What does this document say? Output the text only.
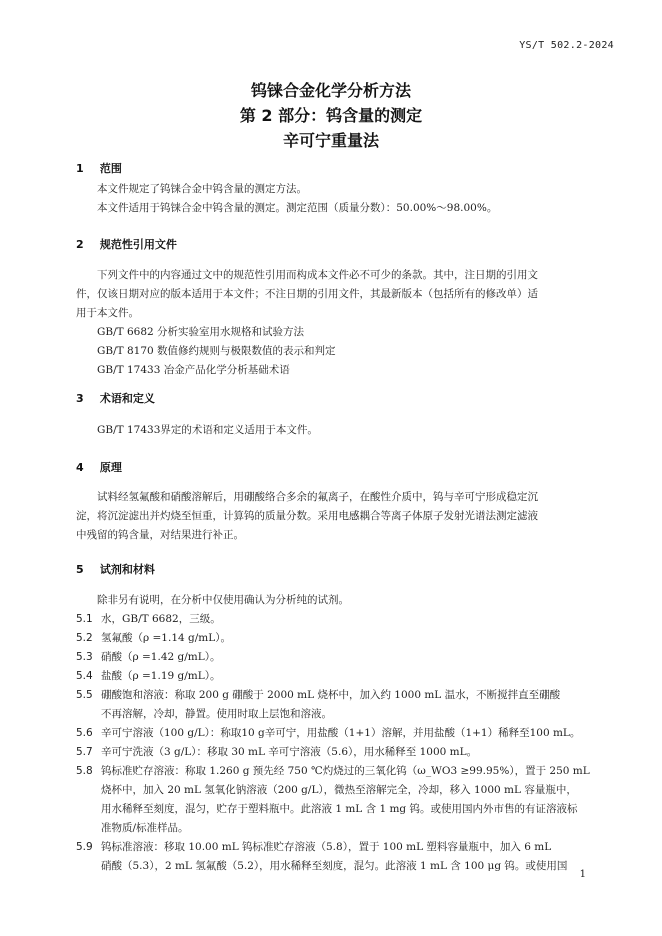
YS/T 502.2-2024
钨铼合金化学分析方法
第 2 部分：钨含量的测定
辛可宁重量法
1 范围
本文件规定了钨铼合金中钨含量的测定方法。
本文件适用于钨铼合金中钨含量的测定。测定范围（质量分数）：50.00%～98.00%。
2 规范性引用文件
下列文件中的内容通过文中的规范性引用而构成本文件必不可少的条款。其中，注日期的引用文
件，仅该日期对应的版本适用于本文件；不注日期的引用文件，其最新版本（包括所有的修改单）适
用于本文件。
GB/T 6682 分析实验室用水规格和试验方法
GB/T 8170 数值修约规则与极限数值的表示和判定
GB/T 17433 冶金产品化学分析基础术语
3 术语和定义
GB/T 17433界定的术语和定义适用于本文件。
4 原理
试料经氢氟酸和硝酸溶解后，用硼酸络合多余的氟离子，在酸性介质中，钨与辛可宁形成稳定沉
淀，将沉淀滤出并灼烧至恒重，计算钨的质量分数。采用电感耦合等离子体原子发射光谱法测定滤液
中残留的钨含量，对结果进行补正。
5 试剂和材料
除非另有说明，在分析中仅使用确认为分析纯的试剂。
5.1 水，GB/T 6682，三级。
5.2 氢氟酸（ρ =1.14 g/mL）。
5.3 硝酸（ρ =1.42 g/mL）。
5.4 盐酸（ρ =1.19 g/mL）。
5.5 硼酸饱和溶液：称取 200 g 硼酸于 2000 mL 烧杯中，加入约 1000 mL 温水，不断搅拌直至硼酸
不再溶解，冷却，静置。使用时取上层饱和溶液。
5.6 辛可宁溶液（100 g/L）：称取10 g辛可宁，用盐酸（1+1）溶解，并用盐酸（1+1）稀释至100 mL。
5.7 辛可宁洗液（3 g/L）：移取 30 mL 辛可宁溶液（5.6），用水稀释至 1000 mL。
5.8 钨标准贮存溶液：称取 1.260 g 预先经 750 ℃灼烧过的三氧化钨（ω_WO3 ≥99.95%），置于 250 mL
烧杯中，加入 20 mL 氢氧化钠溶液（200 g/L），微热至溶解完全，冷却，移入 1000 mL 容量瓶中，
用水稀释至刻度，混匀，贮存于塑料瓶中。此溶液 1 mL 含 1 mg 钨。或使用国内外市售的有证溶液标
准物质/标准样品。
5.9 钨标准溶液：移取 10.00 mL 钨标准贮存溶液（5.8），置于 100 mL 塑料容量瓶中，加入 6 mL
硝酸（5.3），2 mL 氢氟酸（5.2），用水稀释至刻度，混匀。此溶液 1 mL 含 100 μg 钨。或使用国
1
